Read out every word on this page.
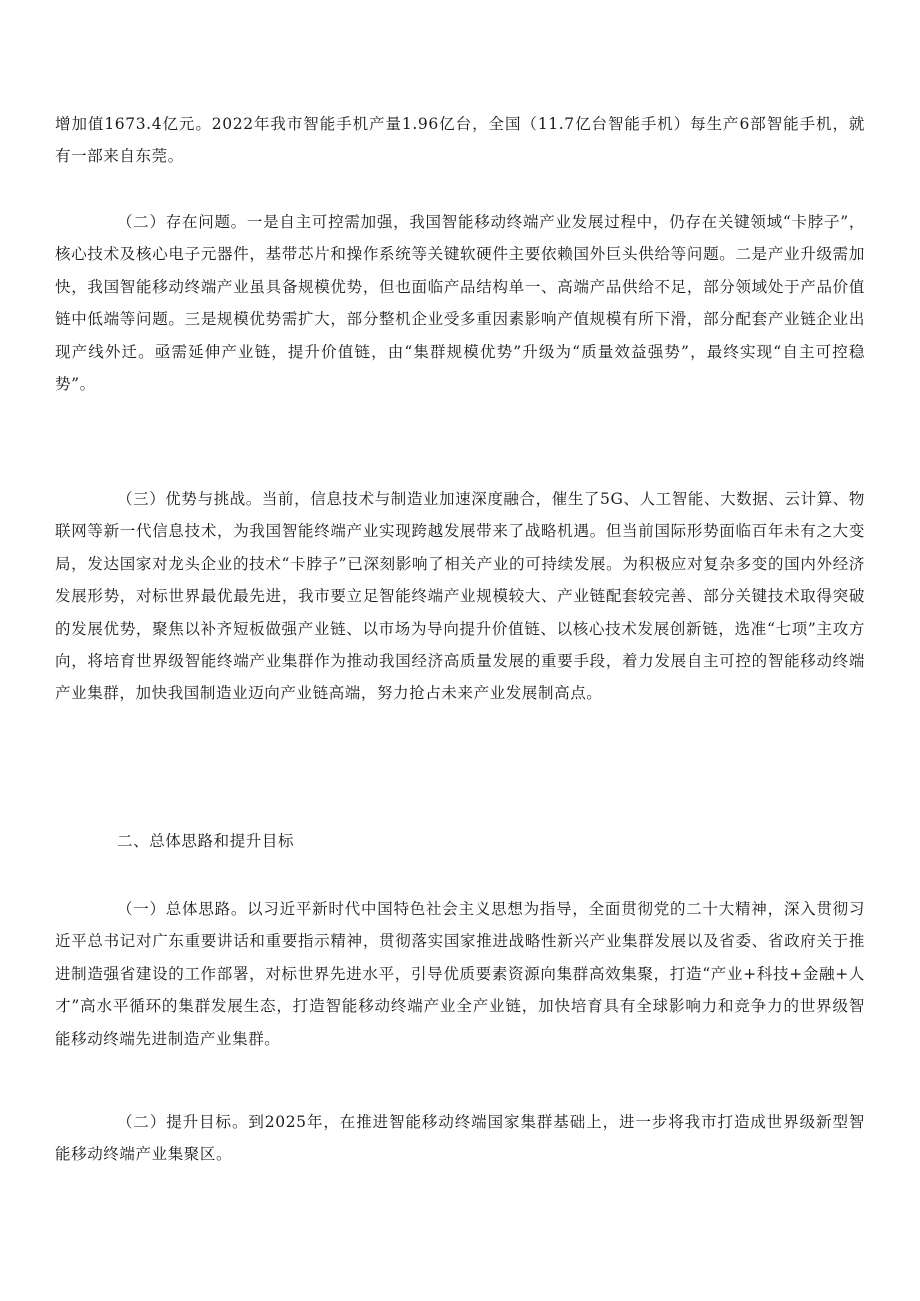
增加值1673.4亿元。2022年我市智能手机产量1.96亿台，全国（11.7亿台智能手机）每生产6部智能手机，就有一部来自东莞。

（二）存在问题。一是自主可控需加强，我国智能移动终端产业发展过程中，仍存在关键领域“卡脖子”，核心技术及核心电子元器件，基带芯片和操作系统等关键软硬件主要依赖国外巨头供给等问题。二是产业升级需加快，我国智能移动终端产业虽具备规模优势，但也面临产品结构单一、高端产品供给不足，部分领域处于产品价值链中低端等问题。三是规模优势需扩大，部分整机企业受多重因素影响产值规模有所下滑，部分配套产业链企业出现产线外迁。亟需延伸产业链，提升价值链，由“集群规模优势”升级为“质量效益强势”，最终实现“自主可控稳势”。

（三）优势与挑战。当前，信息技术与制造业加速深度融合，催生了5G、人工智能、大数据、云计算、物联网等新一代信息技术，为我国智能终端产业实现跨越发展带来了战略机遇。但当前国际形势面临百年未有之大变局，发达国家对龙头企业的技术“卡脖子”已深刻影响了相关产业的可持续发展。为积极应对复杂多变的国内外经济发展形势，对标世界最优最先进，我市要立足智能终端产业规模较大、产业链配套较完善、部分关键技术取得突破的发展优势，聚焦以补齐短板做强产业链、以市场为导向提升价值链、以核心技术发展创新链，选准“七项”主攻方向，将培育世界级智能终端产业集群作为推动我国经济高质量发展的重要手段，着力发展自主可控的智能移动终端产业集群，加快我国制造业迈向产业链高端，努力抢占未来产业发展制高点。

二、总体思路和提升目标

（一）总体思路。以习近平新时代中国特色社会主义思想为指导，全面贯彻党的二十大精神，深入贯彻习近平总书记对广东重要讲话和重要指示精神，贯彻落实国家推进战略性新兴产业集群发展以及省委、省政府关于推进制造强省建设的工作部署，对标世界先进水平，引导优质要素资源向集群高效集聚，打造“产业+科技+金融+人才”高水平循环的集群发展生态，打造智能移动终端产业全产业链，加快培育具有全球影响力和竞争力的世界级智能移动终端先进制造产业集群。

（二）提升目标。到2025年，在推进智能移动终端国家集群基础上，进一步将我市打造成世界级新型智能移动终端产业集聚区。
